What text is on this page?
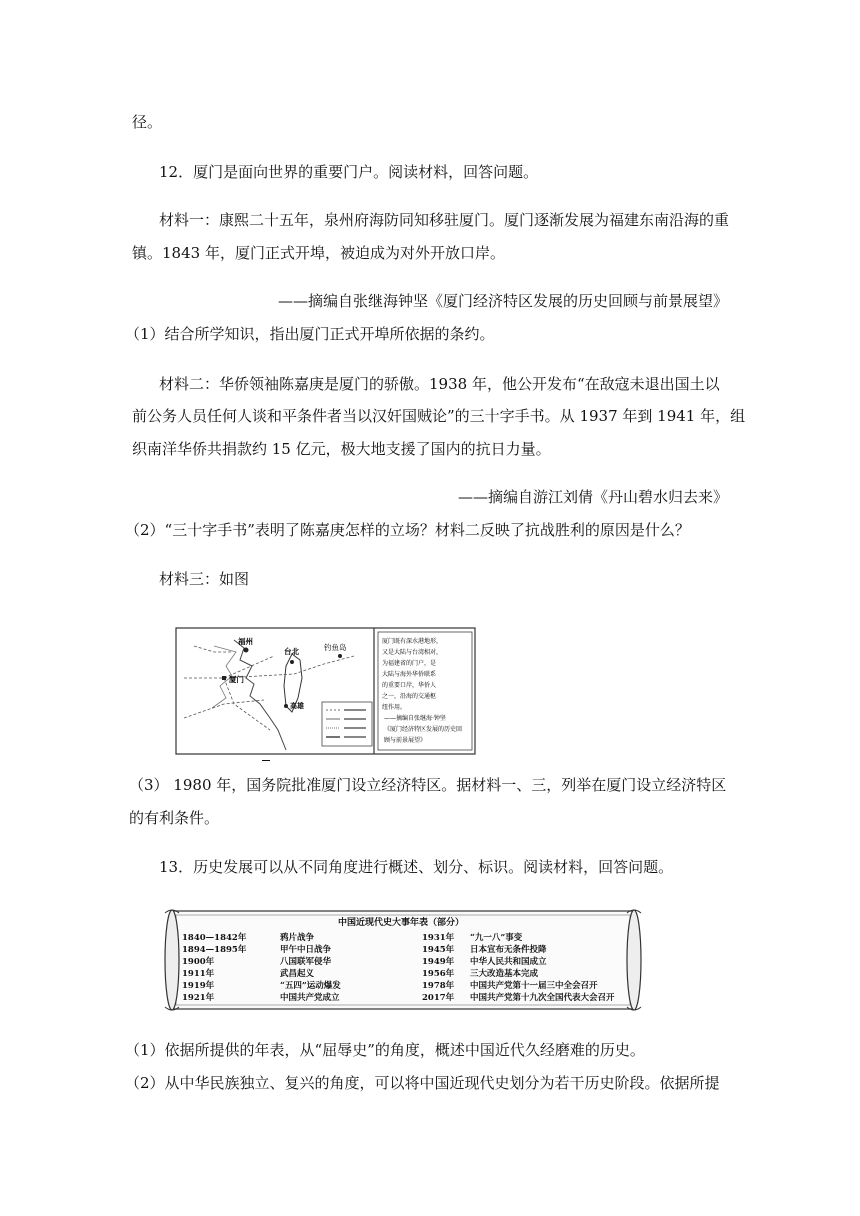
径。
12．厦门是面向世界的重要门户。阅读材料，回答问题。
材料一：康熙二十五年，泉州府海防同知移驻厦门。厦门逐渐发展为福建东南沿海的重
镇。1843 年，厦门正式开埠，被迫成为对外开放口岸。
——摘编自张继海钟坚《厦门经济特区发展的历史回顾与前景展望》
（1）结合所学知识，指出厦门正式开埠所依据的条约。
材料二：华侨领袖陈嘉庚是厦门的骄傲。1938 年，他公开发布“在敌寇未退出国土以
前公务人员任何人谈和平条件者当以汉奸国贼论”的三十字手书。从 1937 年到 1941 年，组
织南洋华侨共捐款约 15 亿元，极大地支援了国内的抗日力量。
——摘编自游江刘倩《丹山碧水归去来》
（2）“三十字手书”表明了陈嘉庚怎样的立场？材料二反映了抗战胜利的原因是什么？
材料三：如图
福州
厦门
台北
高雄
钓鱼岛
厦门既有深水港地形，
又是大陆与台湾相对，
为福建省的门户，是
大陆与海外华侨联系
的重要口岸，华侨人
之一，沿海的交通枢
纽作用。
——摘编自张继海·钟坚
《厦门经济特区发展的历史回
顾与前景展望》
（3） 1980 年，国务院批准厦门设立经济特区。据材料一、三，列举在厦门设立经济特区
的有利条件。
13．历史发展可以从不同角度进行概述、划分、标识。阅读材料，回答问题。
中国近现代史大事年表（部分）
1840—1842年	鸦片战争
1894—1895年	甲午中日战争
1900年	八国联军侵华
1911年	武昌起义
1919年	“五四”运动爆发
1921年	中国共产党成立
1931年 “九一八”事变
1945年 日本宣布无条件投降
1949年 中华人民共和国成立
1956年 三大改造基本完成
1978年 中国共产党第十一届三中全会召开
2017年 中国共产党第十九次全国代表大会召开
（1）依据所提供的年表，从“屈辱史”的角度，概述中国近代久经磨难的历史。
（2）从中华民族独立、复兴的角度，可以将中国近现代史划分为若干历史阶段。依据所提
